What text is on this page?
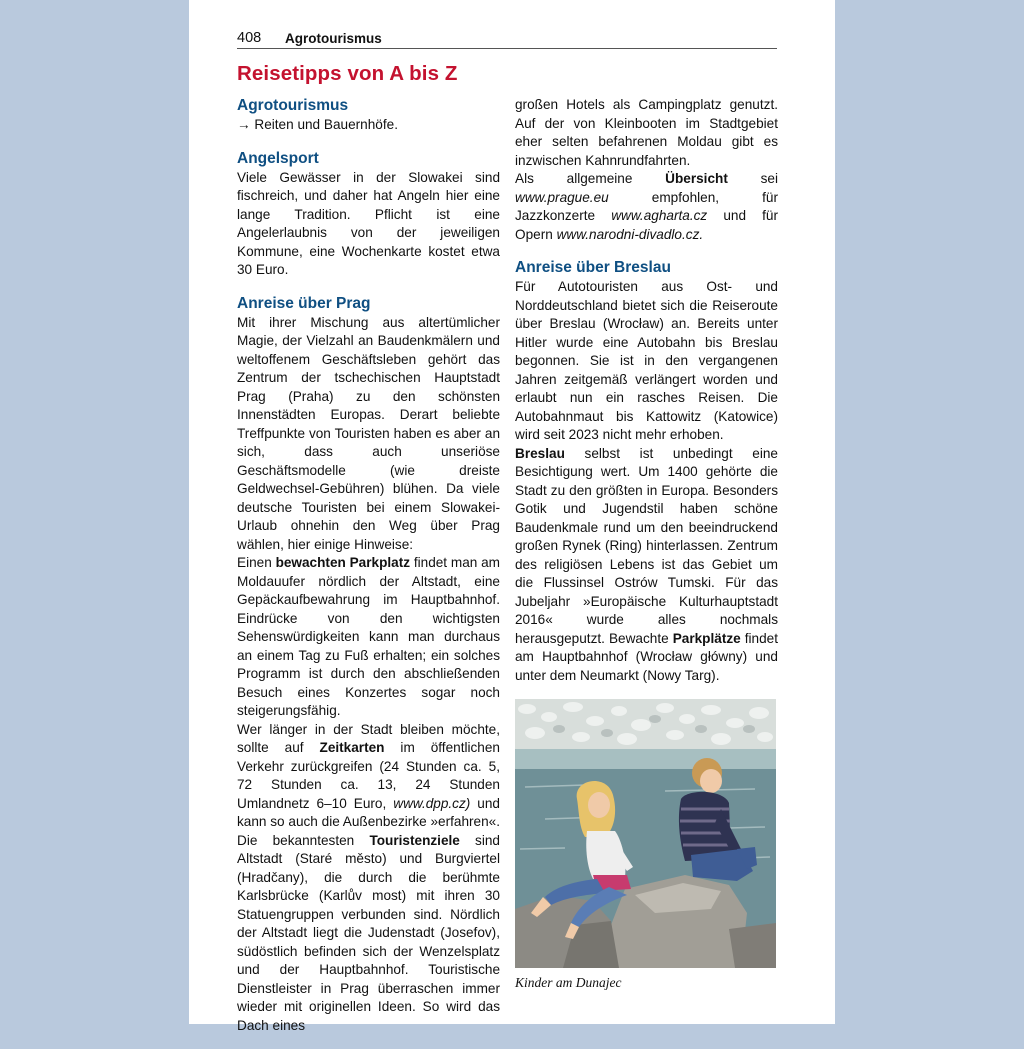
408 Agrotourismus
Reisetipps von A bis Z
Agrotourismus

→ Reiten und Bauernhöfe.

Angelsport

Viele Gewässer in der Slowakei sind fischreich, und daher hat Angeln hier eine lange Tradition. Pflicht ist eine Angelerlaubnis von der jeweiligen Kommune, eine Wochenkarte kostet etwa 30 Euro.

Anreise über Prag

Mit ihrer Mischung aus altertümlicher Magie, der Vielzahl an Baudenkmälern und weltoffenem Geschäftsleben gehört das Zentrum der tschechischen Hauptstadt Prag (Praha) zu den schönsten Innenstädten Europas. Derart beliebte Treffpunkte von Touristen haben es aber an sich, dass auch unseriöse Geschäftsmodelle (wie dreiste Geldwechsel-Gebühren) blühen. Da viele deutsche Touristen bei einem Slowakei-Urlaub ohnehin den Weg über Prag wählen, hier einige Hinweise:

Einen bewachten Parkplatz findet man am Moldauufer nördlich der Altstadt, eine Gepäckaufbewahrung im Hauptbahnhof. Eindrücke von den wichtigsten Sehenswürdigkeiten kann man durchaus an einem Tag zu Fuß erhalten; ein solches Programm ist durch den abschließenden Besuch eines Konzertes sogar noch steigerungsfähig.

Wer länger in der Stadt bleiben möchte, sollte auf Zeitkarten im öffentlichen Verkehr zurückgreifen (24 Stunden ca. 5, 72 Stunden ca. 13, 24 Stunden Umlandnetz 6–10 Euro, www.dpp.cz) und kann so auch die Außenbezirke »erfahren«.

Die bekanntesten Touristenziele sind Altstadt (Staré město) und Burgviertel (Hradčany), die durch die berühmte Karlsbrücke (Karlův most) mit ihren 30 Statuengruppen verbunden sind. Nördlich der Altstadt liegt die Judenstadt (Josefov), südöstlich befinden sich der Wenzelsplatz und der Hauptbahnhof. Touristische Dienstleister in Prag überraschen immer wieder mit originellen Ideen. So wird das Dach eines

großen Hotels als Campingplatz genutzt. Auf der von Kleinbooten im Stadtgebiet eher selten befahrenen Moldau gibt es inzwischen Kahnrundfahrten.

Als allgemeine Übersicht sei www.prague.eu empfohlen, für Jazzkonzerte www.agharta.cz und für Opern www.narodni-divadlo.cz.

Anreise über Breslau

Für Autotouristen aus Ost- und Norddeutschland bietet sich die Reiseroute über Breslau (Wrocław) an. Bereits unter Hitler wurde eine Autobahn bis Breslau begonnen. Sie ist in den vergangenen Jahren zeitgemäß verlängert worden und erlaubt nun ein rasches Reisen. Die Autobahnmaut bis Kattowitz (Katowice) wird seit 2023 nicht mehr erhoben.

Breslau selbst ist unbedingt eine Besichtigung wert. Um 1400 gehörte die Stadt zu den größten in Europa. Besonders Gotik und Jugendstil haben schöne Baudenkmale rund um den beeindruckend großen Rynek (Ring) hinterlassen. Zentrum des religiösen Lebens ist das Gebiet um die Flussinsel Ostrów Tumski. Für das Jubeljahr »Europäische Kulturhauptstadt 2016« wurde alles nochmals herausgeputzt. Bewachte Parkplätze findet am Hauptbahnhof (Wrocław główny) und unter dem Neumarkt (Nowy Targ).

Kinder am Dunajec
